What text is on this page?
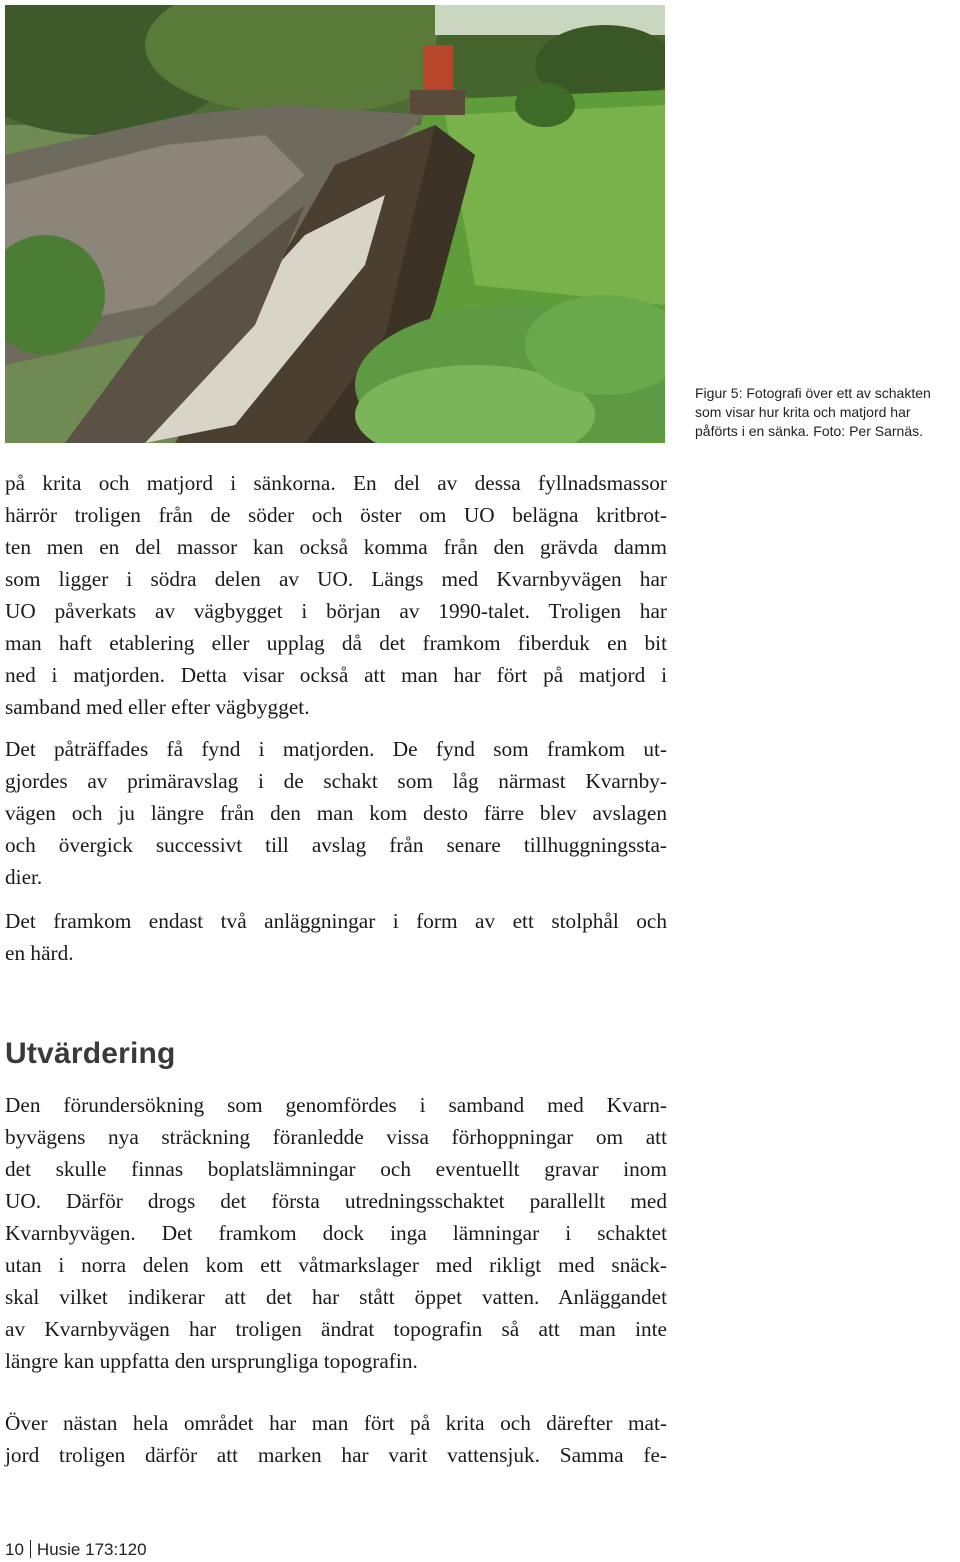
Figur 5: Fotografi över ett av schakten
som visar hur krita och matjord har
påförts i en sänka. Foto: Per Sarnäs.
på krita och matjord i sänkorna. En del av dessa fyllnadsmassor
härrör troligen från de söder och öster om UO belägna kritbrot-
ten men en del massor kan också komma från den grävda damm
som ligger i södra delen av UO. Längs med Kvarnbyvägen har
UO påverkats av vägbygget i början av 1990-talet. Troligen har
man haft etablering eller upplag då det framkom fiberduk en bit
ned i matjorden. Detta visar också att man har fört på matjord i
samband med eller efter vägbygget.
Det påträffades få fynd i matjorden. De fynd som framkom ut-
gjordes av primäravslag i de schakt som låg närmast Kvarnby-
vägen och ju längre från den man kom desto färre blev avslagen
och övergick successivt till avslag från senare tillhuggningssta-
dier.
Det framkom endast två anläggningar i form av ett stolphål och
en härd.
Utvärdering
Den förundersökning som genomfördes i samband med Kvarn-
byvägens nya sträckning föranledde vissa förhoppningar om att
det skulle finnas boplatslämningar och eventuellt gravar inom
UO. Därför drogs det första utredningsschaktet parallellt med
Kvarnbyvägen. Det framkom dock inga lämningar i schaktet
utan i norra delen kom ett våtmarkslager med rikligt med snäck-
skal vilket indikerar att det har stått öppet vatten. Anläggandet
av Kvarnbyvägen har troligen ändrat topografin så att man inte
längre kan uppfatta den ursprungliga topografin.
Över nästan hela området har man fört på krita och därefter mat-
jord troligen därför att marken har varit vattensjuk. Samma fe-
10 Husie 173:120
